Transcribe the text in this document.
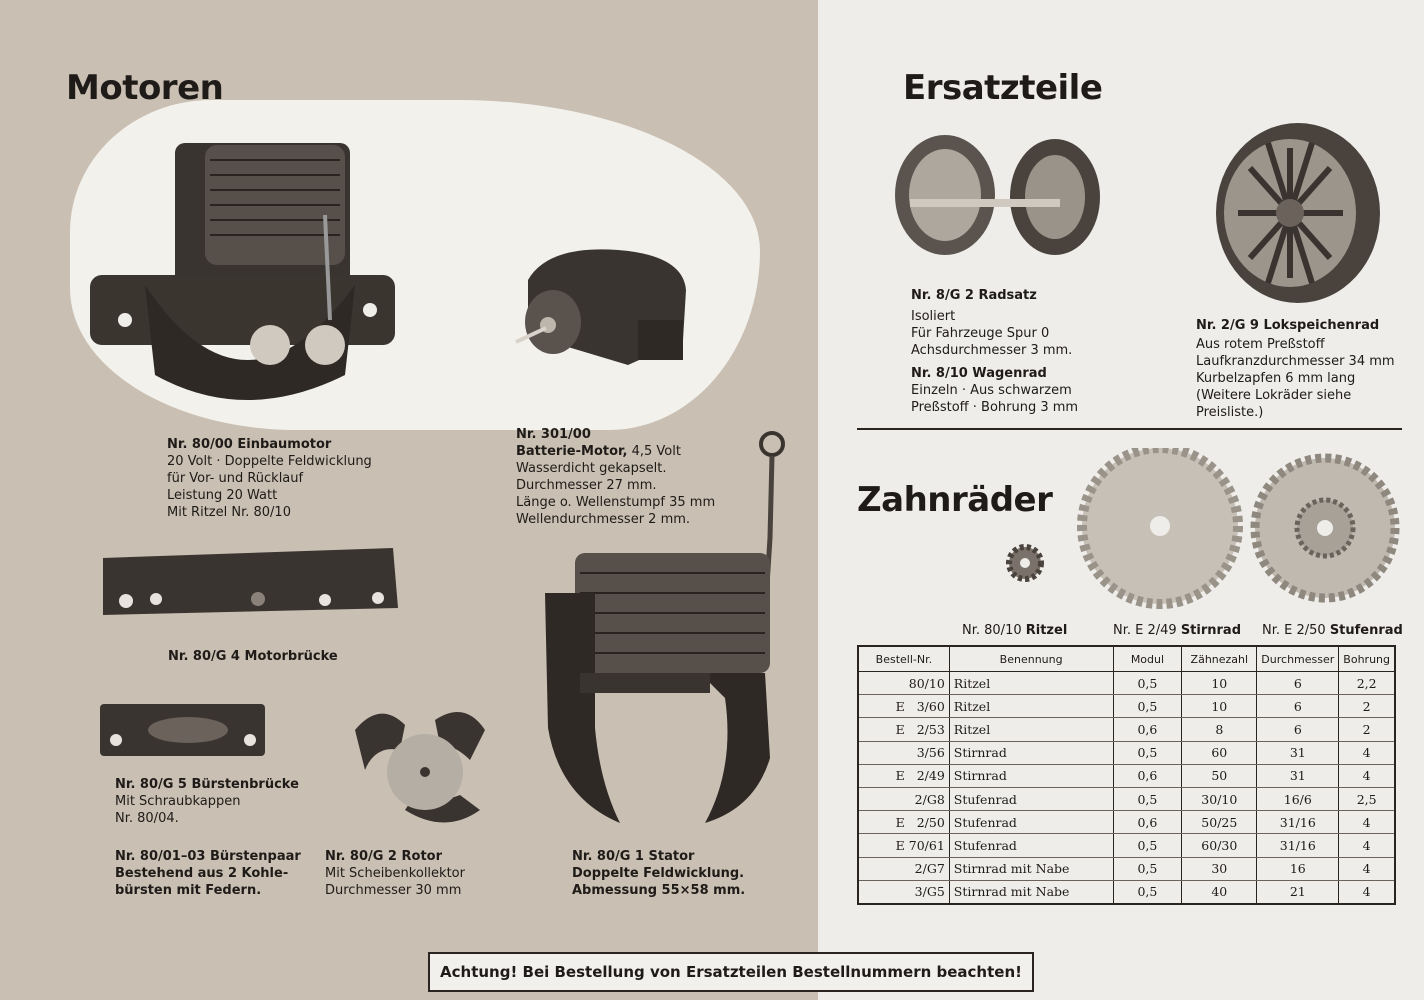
Motoren
Nr. 80/00 Einbaumotor
20 Volt · Doppelte Feldwicklung
für Vor- und Rücklauf
Leistung 20 Watt
Mit Ritzel Nr. 80/10
Nr. 301/00
Batterie-Motor, 4,5 Volt
Wasserdicht gekapselt.
Durchmesser 27 mm.
Länge o. Wellenstumpf 35 mm
Wellendurchmesser 2 mm.
Nr. 80/G 4 Motorbrücke
Nr. 80/G 5 Bürstenbrücke
Mit Schraubkappen
Nr. 80/04.
Nr. 80/G 2 Rotor
Mit Scheibenkollektor
Durchmesser 30 mm
Nr. 80/01–03 Bürstenpaar
Bestehend aus 2 Kohle-
bürsten mit Federn.
Nr. 80/G 1 Stator
Doppelte Feldwicklung.
Abmessung 55×58 mm.
Ersatzteile
Nr. 8/G 2 Radsatz

Isoliert
Für Fahrzeuge Spur 0
Achsdurchmesser 3 mm.
Nr. 8/10 Wagenrad
Einzeln · Aus schwarzem
Preßstoff · Bohrung 3 mm
Nr. 2/G 9 Lokspeichenrad

Aus rotem Preßstoff
Laufkranzdurchmesser 34 mm
Kurbelzapfen 6 mm lang
(Weitere Lokräder siehe
Preisliste.)
Zahnräder
Nr. 80/10 Ritzel	Nr. E 2/49 Stirnrad Nr. E 2/50 Stufenrad
Bestell-Nr.	Benennung	Modul	Zähnezahl	Durchmesser	Bohrung
80/10	Ritzel	0,5	10	6	2,2
E   3/60	Ritzel	0,5	10	6	2
E   2/53	Ritzel	0,6	8	6	2
3/56	Stirnrad	0,5	60	31	4
E   2/49	Stirnrad	0,6	50	31	4
2/G8	Stufenrad	0,5	30/10	16/6	2,5
E   2/50	Stufenrad	0,6	50/25	31/16	4
E 70/61	Stufenrad	0,5	60/30	31/16	4
2/G7	Stirnrad mit Nabe	0,5	30	16	4
3/G5	Stirnrad mit Nabe	0,5	40	21	4
Achtung! Bei Bestellung von Ersatzteilen Bestellnummern beachten!
